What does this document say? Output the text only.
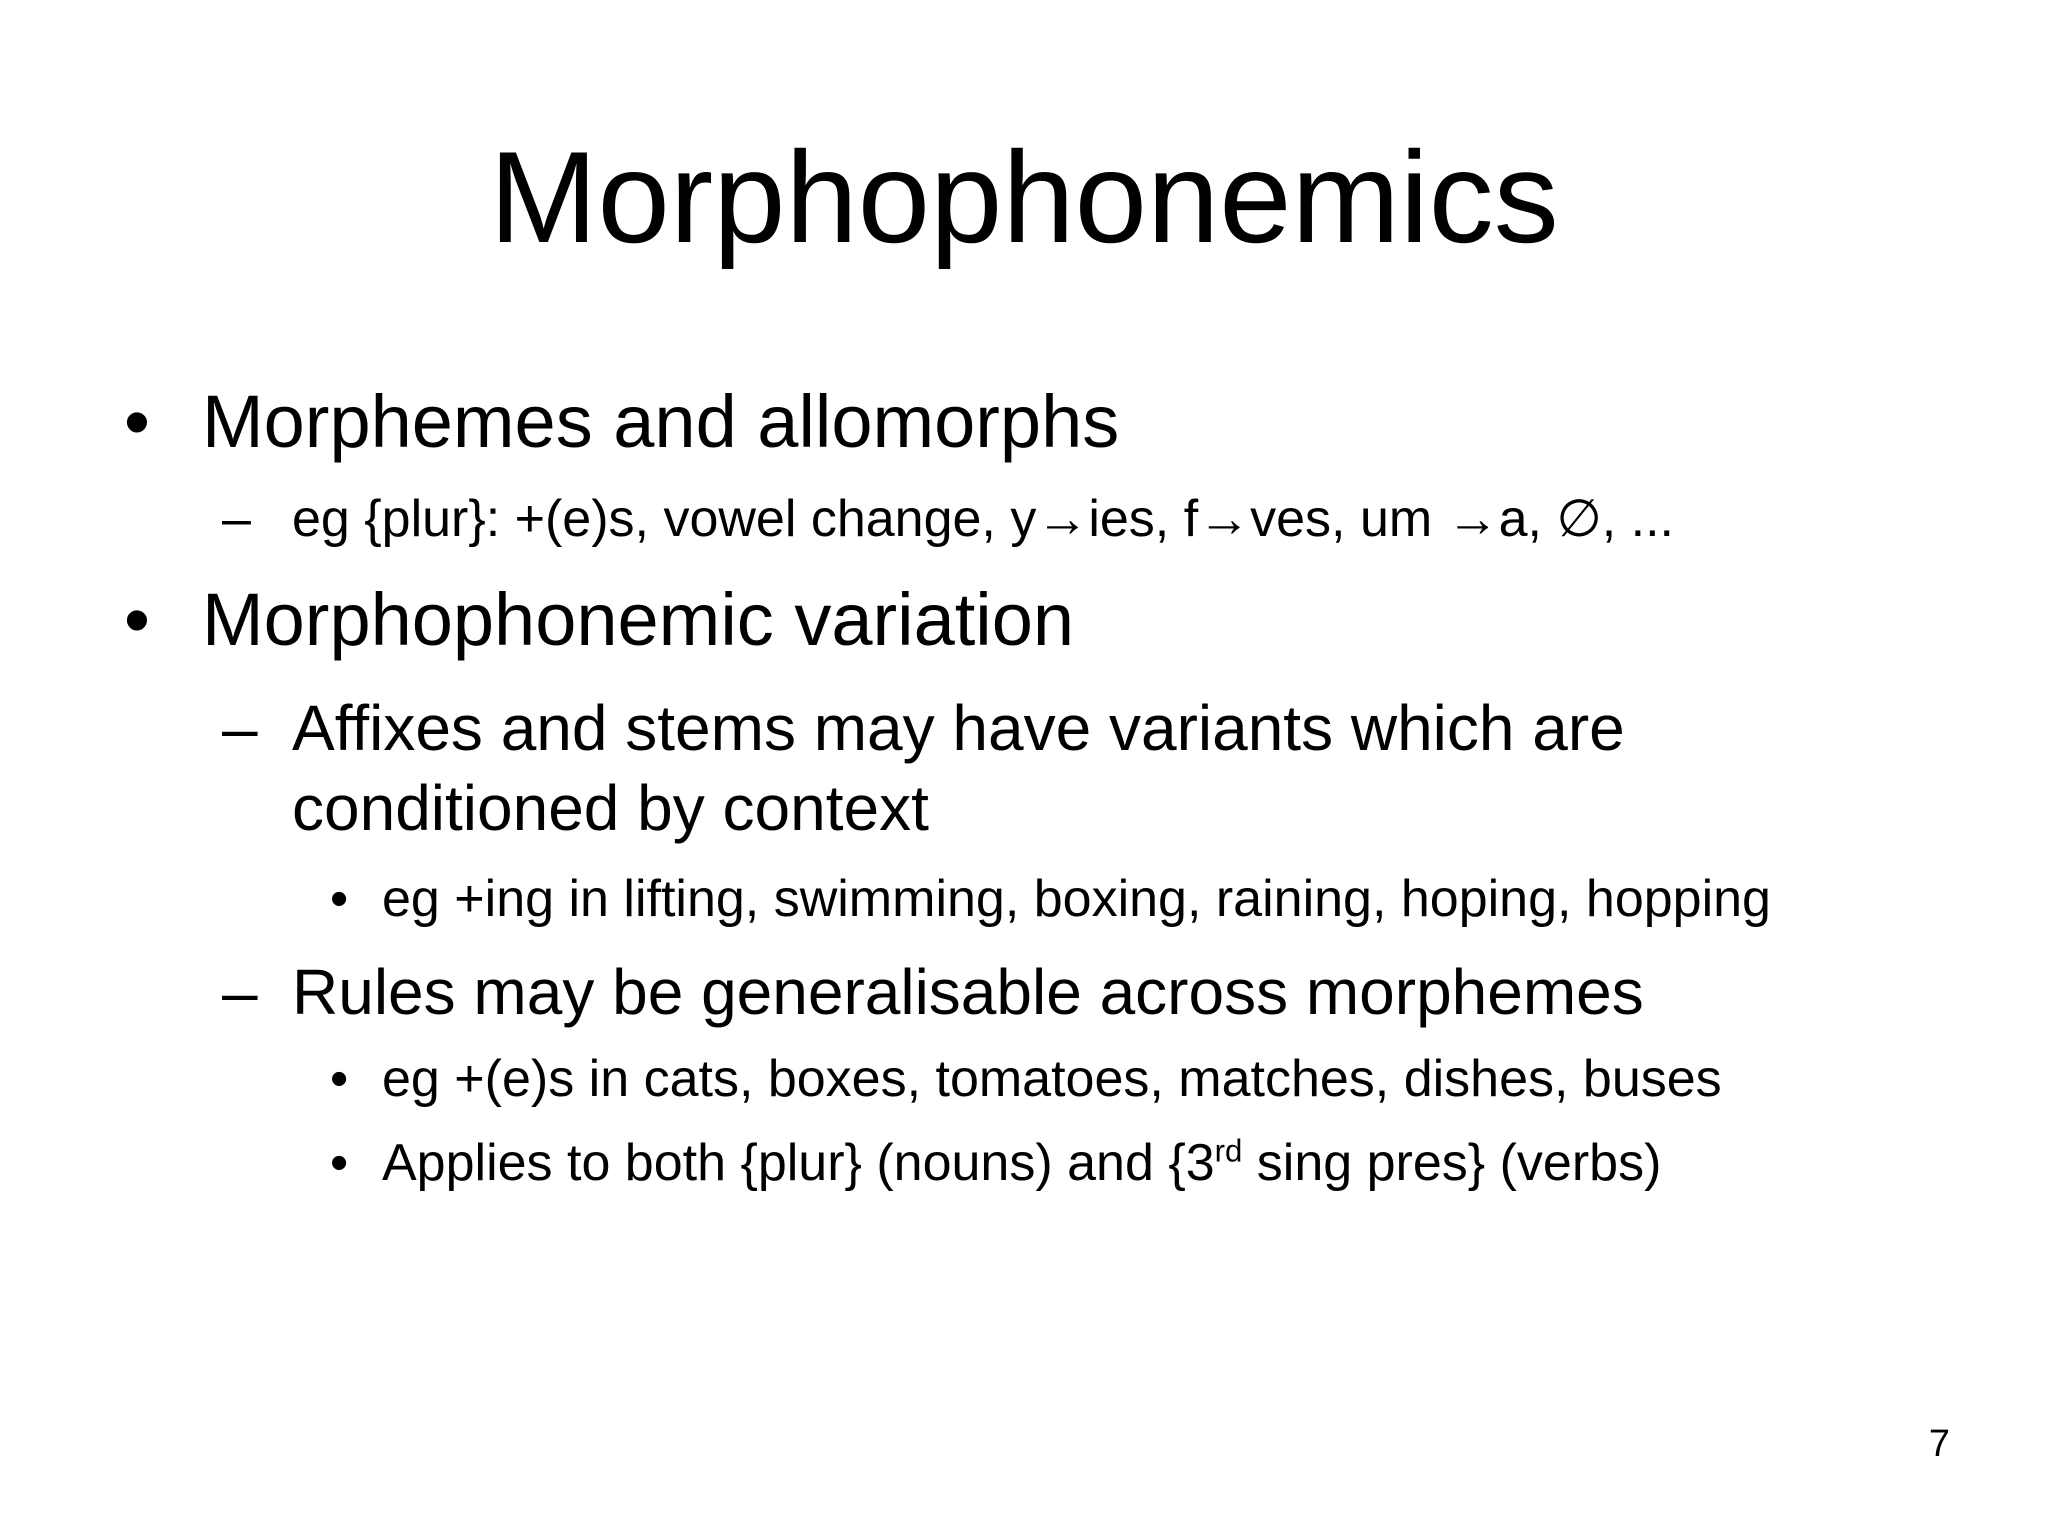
Morphophonemics
• Morphemes and allomorphs
– eg {plur}: +(e)s, vowel change, y→ies, f→ves, um →a, ∅, ...
• Morphophonemic variation
– Affixes and stems may have variants which are
conditioned by context
• eg +ing in lifting, swimming, boxing, raining, hoping, hopping
– Rules may be generalisable across morphemes
• eg +(e)s in cats, boxes, tomatoes, matches, dishes, buses
• Applies to both {plur} (nouns) and {3rd sing pres} (verbs)
7
